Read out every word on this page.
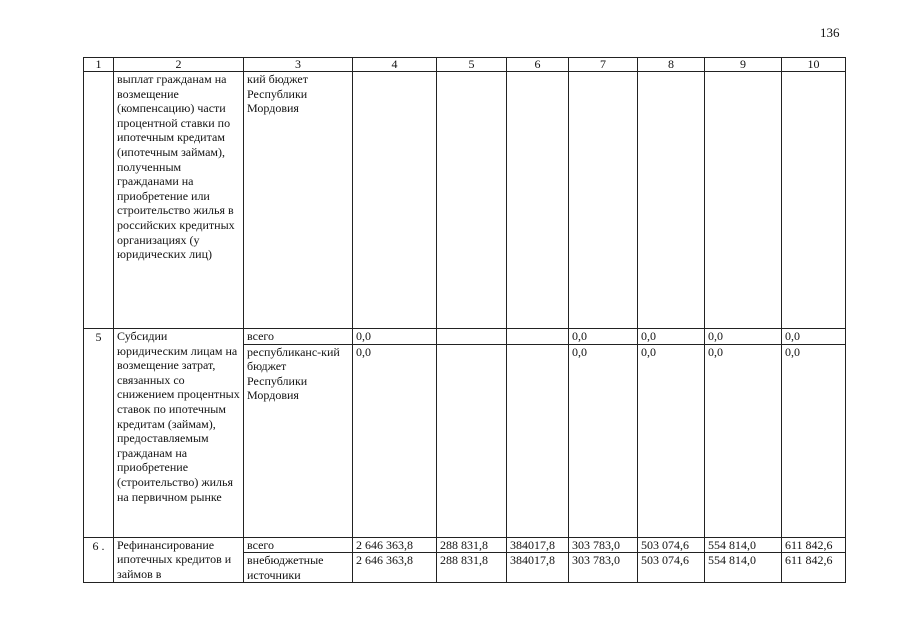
136
1	2	3	4	5	6	7	8	9	10
	выплат гражданам на возмещение (компенсацию) части процентной ставки по ипотечным кредитам (ипотечным займам), полученным гражданами на приобретение или строительство жилья в российских кредитных организациях (у юридических лиц)	кий бюджет Республики Мордовия							
5	Субсидии юридическим лицам на возмещение затрат, связанных со снижением процентных ставок по ипотечным кредитам (займам), предоставляемым гражданам на приобретение (строительство) жилья на первичном рынке	всего	0,0			0,0	0,0	0,0	0,0
		республиканс-кий бюджет Республики Мордовия	0,0			0,0	0,0	0,0	0,0
6 .	Рефинансирование ипотечных кредитов и займов в	всего	2 646 363,8	288 831,8	384017,8	303 783,0	503 074,6	554 814,0	611 842,6
		внебюджетные источники	2 646 363,8	288 831,8	384017,8	303 783,0	503 074,6	554 814,0	611 842,6
